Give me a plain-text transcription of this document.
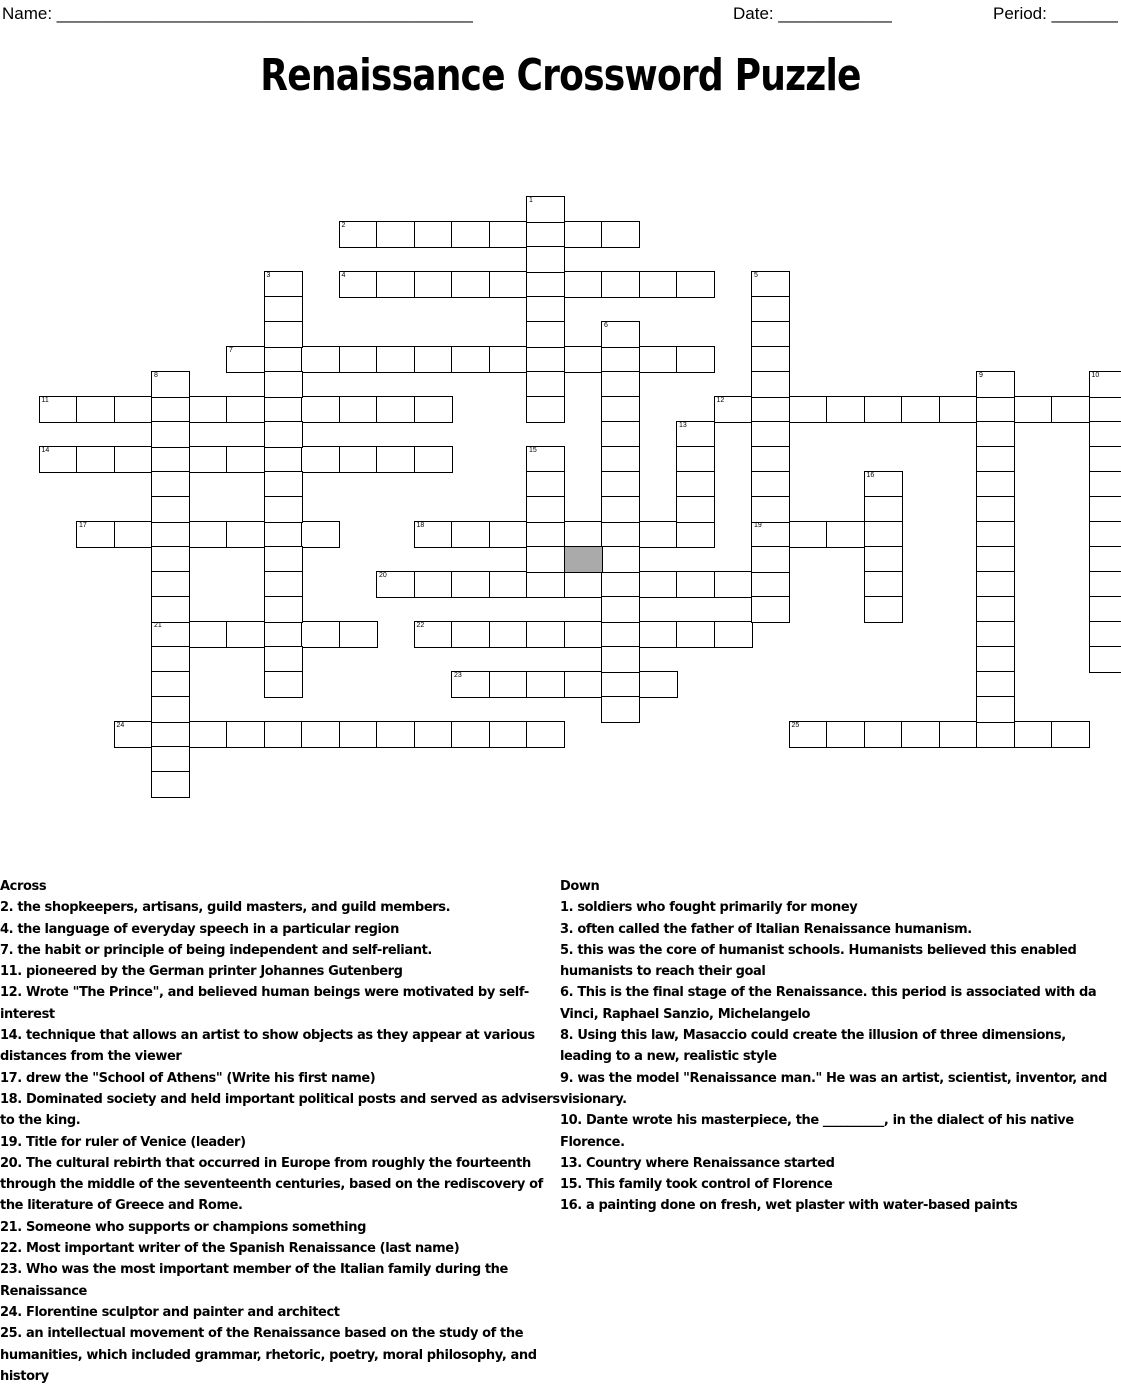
Name: ____________________________________________	Date: ____________	Period: _______
Renaissance Crossword Puzzle
2
4
7
11	12
14
17	18	19
20
21	22
23
24	25
1
3	5
6
8	9	10
13
15
16
Across
2. the shopkeepers, artisans, guild masters, and guild members.
4. the language of everyday speech in a particular region
7. the habit or principle of being independent and self-reliant.
11. pioneered by the German printer Johannes Gutenberg
12. Wrote "The Prince", and believed human beings were motivated by self-interest
14. technique that allows an artist to show objects as they appear at various distances from the viewer
17. drew the "School of Athens" (Write his first name)
18. Dominated society and held important political posts and served as advisers to the king.
19. Title for ruler of Venice (leader)
20. The cultural rebirth that occurred in Europe from roughly the fourteenth through the middle of the seventeenth centuries, based on the rediscovery of the literature of Greece and Rome.
21. Someone who supports or champions something
22. Most important writer of the Spanish Renaissance (last name)
23. Who was the most important member of the Italian family during the Renaissance
24. Florentine sculptor and painter and architect
25. an intellectual movement of the Renaissance based on the study of the humanities, which included grammar, rhetoric, poetry, moral philosophy, and history
Down
1. soldiers who fought primarily for money
3. often called the father of Italian Renaissance humanism.
5. this was the core of humanist schools. Humanists believed this enabled humanists to reach their goal
6. This is the final stage of the Renaissance. this period is associated with da Vinci, Raphael Sanzio, Michelangelo
8. Using this law, Masaccio could create the illusion of three dimensions, leading to a new, realistic style
9. was the model "Renaissance man." He was an artist, scientist, inventor, and visionary.
10. Dante wrote his masterpiece, the __________, in the dialect of his native Florence.
13. Country where Renaissance started
15. This family took control of Florence
16. a painting done on fresh, wet plaster with water-based paints
